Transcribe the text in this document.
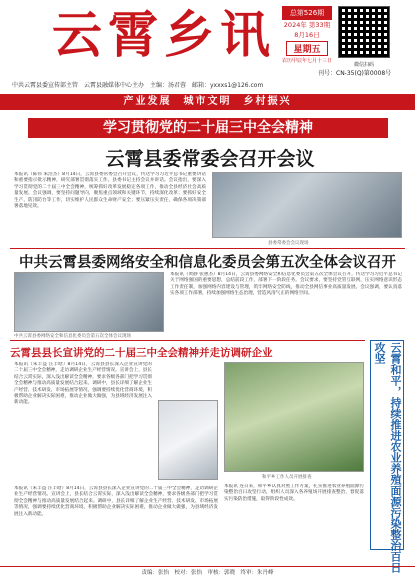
云霄乡讯	总第526期
2024年 第33期
8月16日
星期五
农历甲辰年七月十三日
微信扫码
刊号：CN-35(Q)第0008号
中共云霄县委宣传部主管　云霄县融媒体中心主办　主编：汤君蓉　邮箱：yxxxs1@126.com
产业发展　城市文明　乡村振兴
学习贯彻党的二十届三中全会精神
云霄县委常委会召开会议
本报讯（陈伟 朱浩杰）8月14日，云霄县委常委会召开会议，传达学习习近平总书记重要讲话和重要指示批示精神，研究部署贯彻落实工作。县委书记主持会议并讲话。会议指出，要深入学习贯彻党的二十届三中全会精神，统筹抓好改革发展稳定各项工作，推动全县经济社会高质量发展。会议强调，要坚持问题导向，聚焦重点领域和关键环节，持续深化改革；要抓好安全生产、防汛防台等工作，切实维护人民群众生命财产安全；要压紧压实责任，确保各项决策部署落地见效。
县委常委会会议现场
中共云霄县委网络安全和信息化委员会第五次全体会议召开
中共云霄县委网络安全和信息化委员会第五次全体会议现场
本报讯（黄静 张惠杰）8月14日，云霄县委网络安全和信息化委员会第五次全体会议召开，传达学习习近平总书记关于网络强国的重要思想，总结前段工作，部署下一阶段任务。会议要求，要坚持党管互联网，压实网络意识形态工作责任制，加强网络内容建设与管理，筑牢网络安全防线，推动全县网信事业高质量发展。会议强调，要认真落实各项工作部署，持续加强网络生态治理，营造风清气正的网络空间。
云霄县县长宣讲党的二十届三中全会精神并走访调研企业
本报讯（朱丰益 汪丰晗）8月14日，云霄县县长深入企业宣讲党的二十届三中全会精神，走访调研企业生产经营情况。宣讲会上，县长结合云霄实际，深入浅出解读全会精神，要求各级各部门把学习贯彻全会精神与推动高质量发展结合起来。调研中，县长详细了解企业生产经营、技术研发、市场拓展等情况，强调要持续优化营商环境，积极帮助企业解决实际困难，推动企业做大做强，为县域经济发展注入新动能。
本报讯（朱丰益 汪丰晗）8月14日，云霄县县长深入企业宣讲党的二十届三中全会精神，走访调研企业生产经营情况。宣讲会上，县长结合云霄实际，深入浅出解读全会精神，要求各级各部门把学习贯彻全会精神与推动高质量发展结合起来。调研中，县长详细了解企业生产经营、技术研发、市场拓展等情况，强调要持续优化营商环境，积极帮助企业解决实际困难，推动企业做大做强，为县域经济发展注入新动能。
和平乡工作人员开展排查
本报讯 连日来，和平乡认真对照工作方案，扎实推进农业养殖面源污染整治百日攻坚行动，组织人员深入各养殖场开展排查整治，督促落实污染防治措施，取得阶段性成效。	云霄和平，持续推进农业养殖面源污染整治百日攻坚
责编：张怡　校对：张怡　审核：郭晓　终审：朱丹峰
